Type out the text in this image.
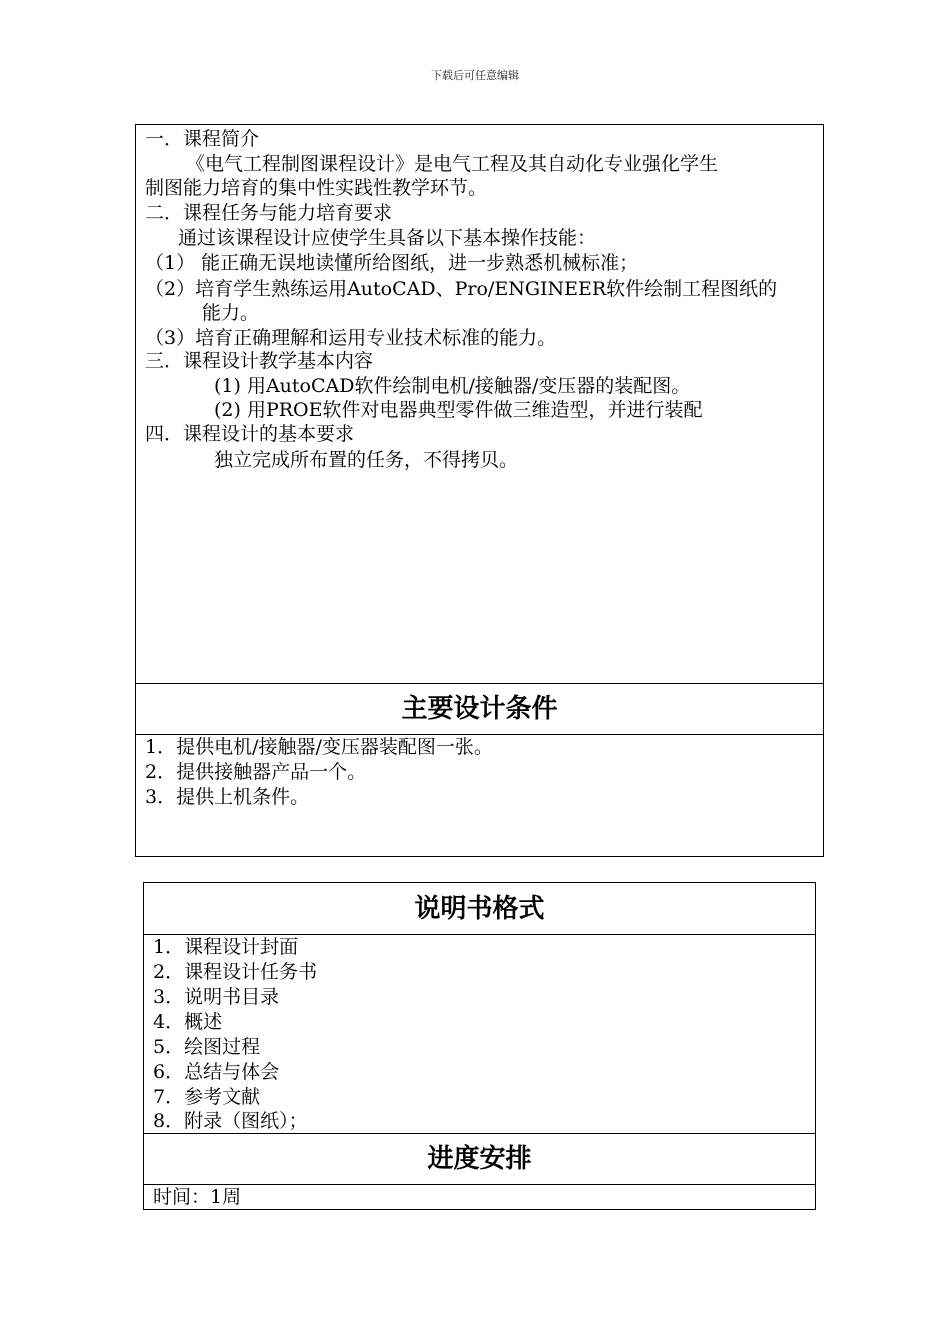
下载后可任意编辑
一．课程简介
《电气工程制图课程设计》是电气工程及其自动化专业强化学生
制图能力培育的集中性实践性教学环节。
二．课程任务与能力培育要求
通过该课程设计应使学生具备以下基本操作技能：
（1） 能正确无误地读懂所给图纸，进一步熟悉机械标准；
（2）培育学生熟练运用AutoCAD、Pro/ENGINEER软件绘制工程图纸的
能力。
（3）培育正确理解和运用专业技术标准的能力。
三．课程设计教学基本内容
(1) 用AutoCAD软件绘制电机/接触器/变压器的装配图。
(2) 用PROE软件对电器典型零件做三维造型，并进行装配
四．课程设计的基本要求
独立完成所布置的任务，不得拷贝。
主要设计条件
1．提供电机/接触器/变压器装配图一张。
2．提供接触器产品一个。
3．提供上机条件。
说明书格式
1．课程设计封面
2．课程设计任务书
3．说明书目录
4．概述
5．绘图过程
6．总结与体会
7．参考文献
8．附录（图纸）；
进度安排
时间：1周
